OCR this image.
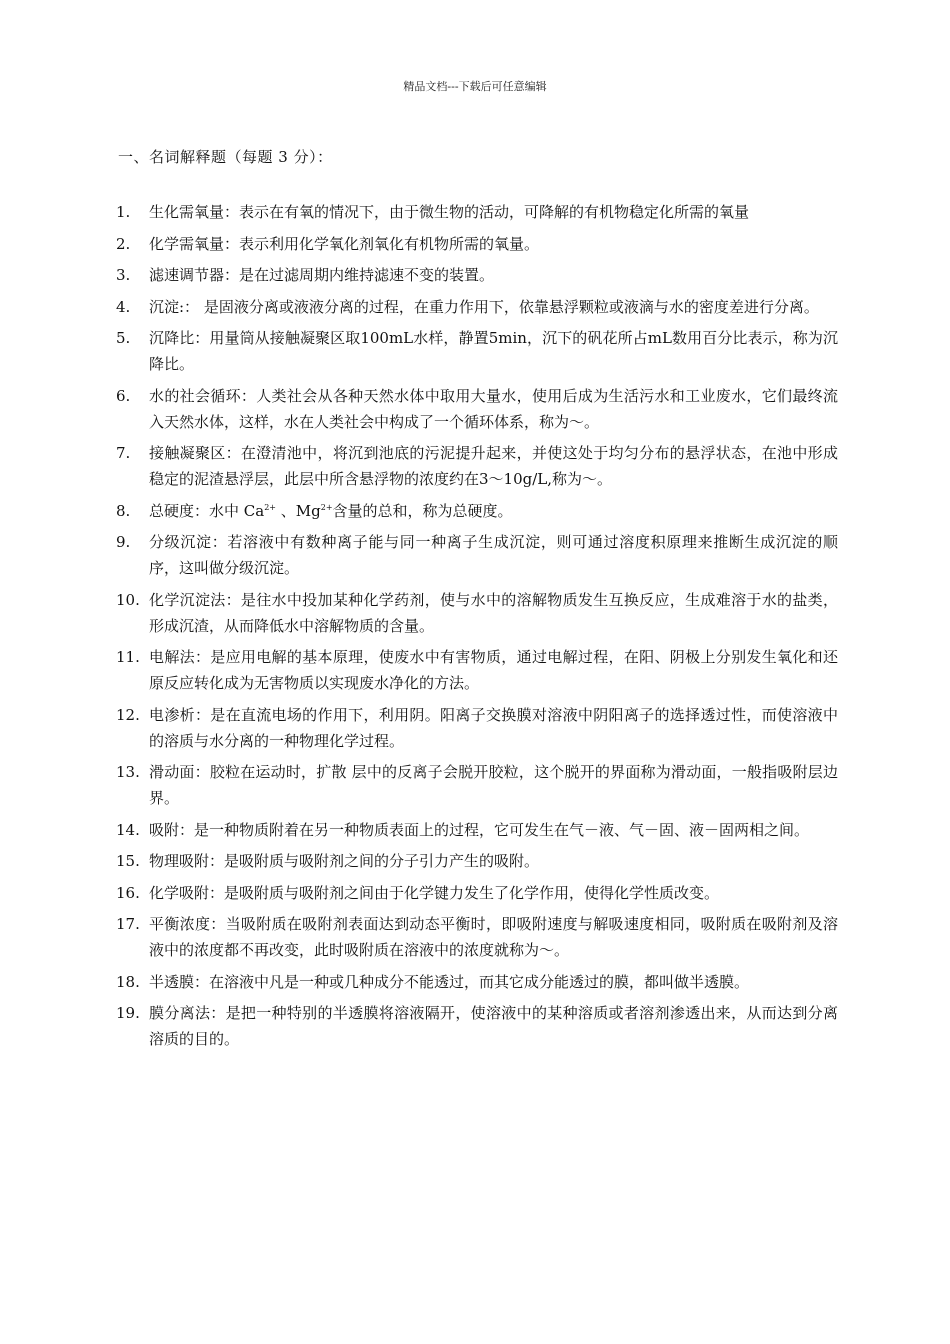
精品文档---下载后可任意编辑
一、名词解释题（每题 3 分）：
1.	生化需氧量：表示在有氧的情况下，由于微生物的活动，可降解的有机物稳定化所需的氧量
2.	化学需氧量：表示利用化学氧化剂氧化有机物所需的氧量。
3.	滤速调节器：是在过滤周期内维持滤速不变的装置。
4.	沉淀:： 是固液分离或液液分离的过程，在重力作用下，依靠悬浮颗粒或液滴与水的密度差进行分离。
5.	沉降比：用量筒从接触凝聚区取100mL水样，静置5min，沉下的矾花所占mL数用百分比表示，称为沉降比。
6.	水的社会循环：人类社会从各种天然水体中取用大量水，使用后成为生活污水和工业废水，它们最终流入天然水体，这样，水在人类社会中构成了一个循环体系，称为～。
7.	接触凝聚区：在澄清池中，将沉到池底的污泥提升起来，并使这处于均匀分布的悬浮状态，在池中形成稳定的泥渣悬浮层，此层中所含悬浮物的浓度约在3～10g/L,称为～。
8.	总硬度：水中 $Ca^{2+}$ 、$Mg^{2+}$含量的总和，称为总硬度。
9.	分级沉淀：若溶液中有数种离子能与同一种离子生成沉淀，则可通过溶度积原理来推断生成沉淀的顺序，这叫做分级沉淀。
10. 化学沉淀法：是往水中投加某种化学药剂，使与水中的溶解物质发生互换反应，生成难溶于水的盐类，形成沉渣，从而降低水中溶解物质的含量。
11. 电解法：是应用电解的基本原理，使废水中有害物质，通过电解过程，在阳、阴极上分别发生氧化和还原反应转化成为无害物质以实现废水净化的方法。
12. 电渗析：是在直流电场的作用下，利用阴。阳离子交换膜对溶液中阴阳离子的选择透过性，而使溶液中的溶质与水分离的一种物理化学过程。
13. 滑动面：胶粒在运动时，扩散 层中的反离子会脱开胶粒，这个脱开的界面称为滑动面，一般指吸附层边界。
14. 吸附：是一种物质附着在另一种物质表面上的过程，它可发生在气－液、气－固、液－固两相之间。
15. 物理吸附：是吸附质与吸附剂之间的分子引力产生的吸附。
16. 化学吸附：是吸附质与吸附剂之间由于化学键力发生了化学作用，使得化学性质改变。
17. 平衡浓度：当吸附质在吸附剂表面达到动态平衡时，即吸附速度与解吸速度相同，吸附质在吸附剂及溶液中的浓度都不再改变，此时吸附质在溶液中的浓度就称为～。
18. 半透膜：在溶液中凡是一种或几种成分不能透过，而其它成分能透过的膜，都叫做半透膜。
19. 膜分离法：是把一种特别的半透膜将溶液隔开，使溶液中的某种溶质或者溶剂渗透出来，从而达到分离溶质的目的。
